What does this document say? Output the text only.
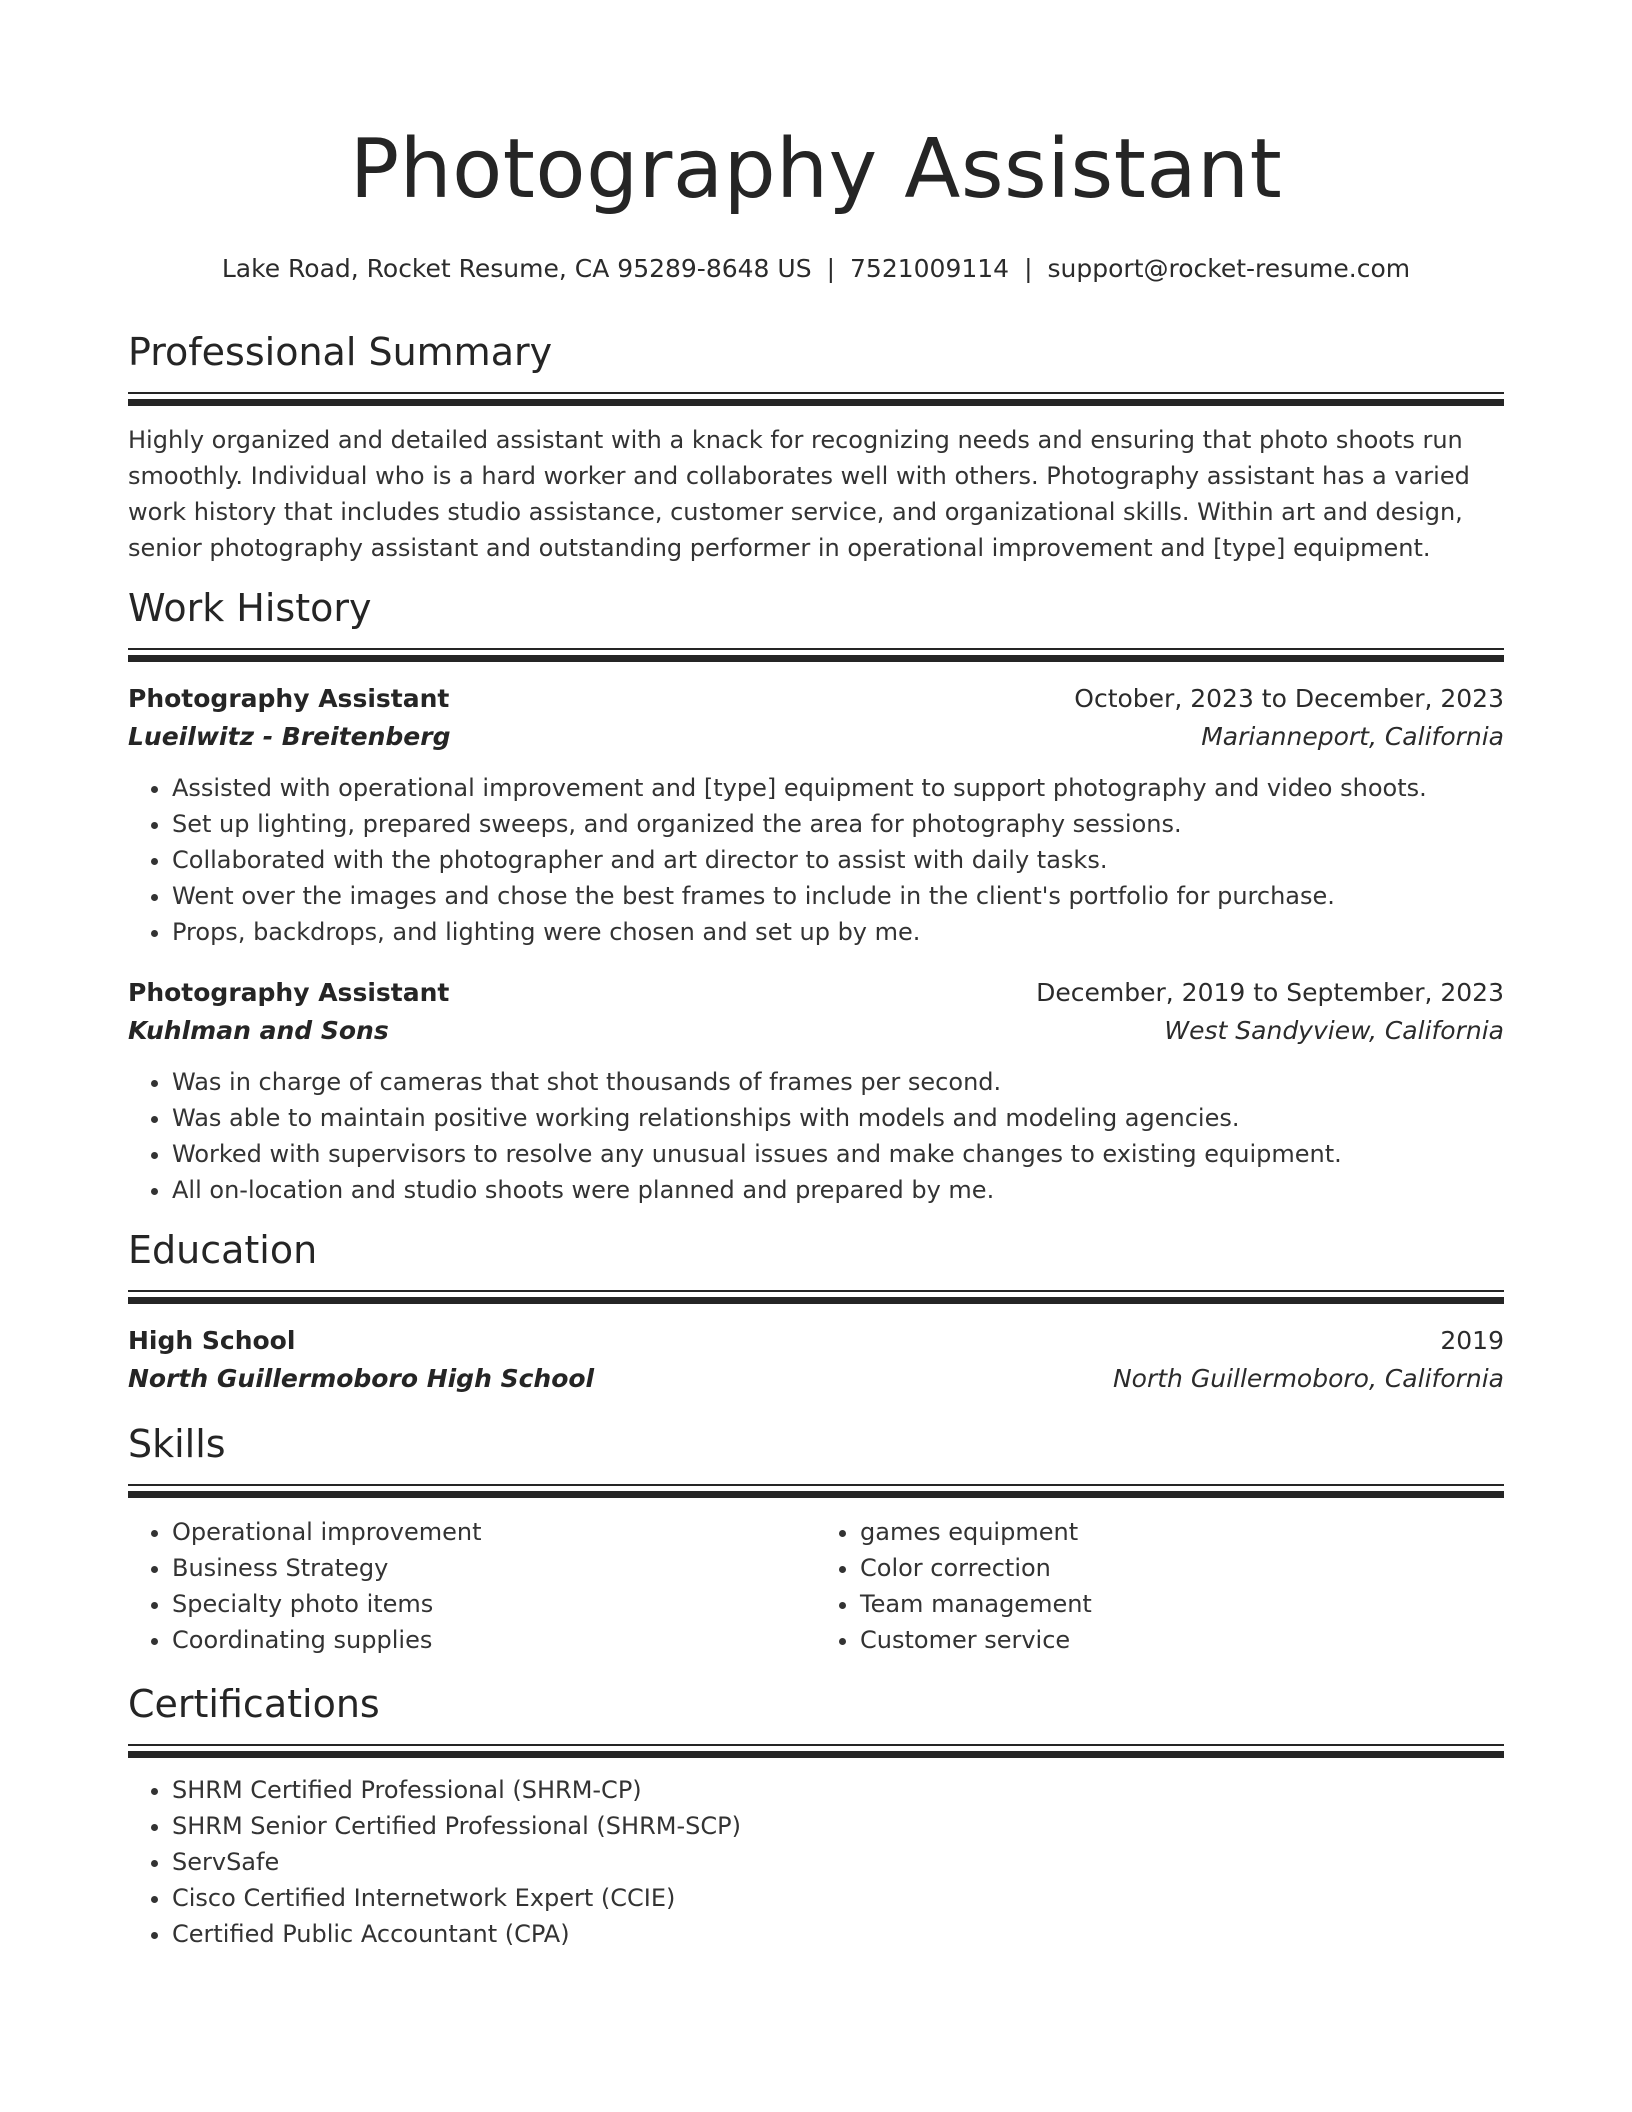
Photography Assistant
Lake Road, Rocket Resume, CA 95289-8648 US | 7521009114 | support@rocket-resume.com
Professional Summary

Highly organized and detailed assistant with a knack for recognizing needs and ensuring that photo shoots run smoothly. Individual who is a hard worker and collaborates well with others. Photography assistant has a varied work history that includes studio assistance, customer service, and organizational skills. Within art and design, senior photography assistant and outstanding performer in operational improvement and [type] equipment.

Work History
Photography Assistant	October, 2023 to December, 2023
Lueilwitz - Breitenberg	Marianneport, California
• Assisted with operational improvement and [type] equipment to support photography and video shoots.
• Set up lighting, prepared sweeps, and organized the area for photography sessions.
• Collaborated with the photographer and art director to assist with daily tasks.
• Went over the images and chose the best frames to include in the client's portfolio for purchase.
• Props, backdrops, and lighting were chosen and set up by me.
Photography Assistant	December, 2019 to September, 2023
Kuhlman and Sons	West Sandyview, California
• Was in charge of cameras that shot thousands of frames per second.
• Was able to maintain positive working relationships with models and modeling agencies.
• Worked with supervisors to resolve any unusual issues and make changes to existing equipment.
• All on-location and studio shoots were planned and prepared by me.
Education
High School	2019
North Guillermoboro High School	North Guillermoboro, California
Skills
• Operational improvement
• Business Strategy
• Specialty photo items
• Coordinating supplies
• games equipment
• Color correction
• Team management
• Customer service
Certifications
• SHRM Certified Professional (SHRM-CP)
• SHRM Senior Certified Professional (SHRM-SCP)
• ServSafe
• Cisco Certified Internetwork Expert (CCIE)
• Certified Public Accountant (CPA)
